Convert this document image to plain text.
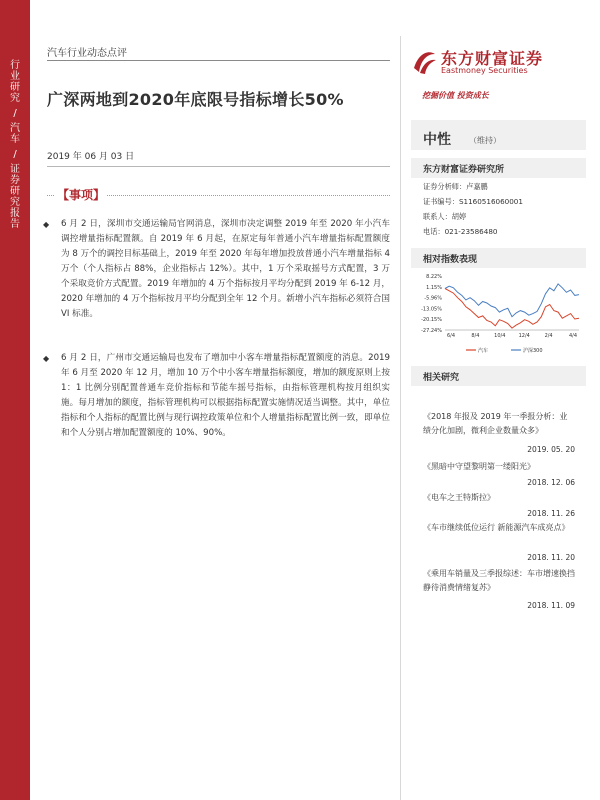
行
业
研
究
/
汽
车
/
证
券
研
究
报
告
汽车行业动态点评
广深两地到2020年底限号指标增长50%
2019 年 06 月 03 日
【事项】
◆ 6 月 2 日，深圳市交通运输局官网消息，深圳市决定调整 2019 年至 2020 年小汽车调控增量指标配置额。自 2019 年 6 月起，在原定每年普通小汽车增量指标配置额度为 8 万个的调控目标基础上，2019 年至 2020 年每年增加投放普通小汽车增量指标 4 万个（个人指标占 88%，企业指标占 12%）。其中，1 万个采取摇号方式配置，3 万个采取竞价方式配置。2019 年增加的 4 万个指标按月平均分配到 2019 年 6-12 月，2020 年增加的 4 万个指标按月平均分配到全年 12 个月。新增小汽车指标必须符合国 VI 标准。
◆ 6 月 2 日，广州市交通运输局也发布了增加中小客车增量指标配置额度的消息。2019 年 6 月至 2020 年 12 月，增加 10 万个中小客车增量指标额度，增加的额度原则上按 1：1 比例分别配置普通车竞价指标和节能车摇号指标，由指标管理机构按月组织实施。每月增加的额度，指标管理机构可以根据指标配置实施情况适当调整。其中，单位指标和个人指标的配置比例与现行调控政策单位和个人增量指标配置比例一致，即单位和个人分别占增加配置额度的 10%、90%。
东方财富证券
Eastmoney Securities
挖掘价值 投资成长
中性 （维持）
东方财富证券研究所
证券分析师：卢嘉鹏
证书编号：S1160516060001
联系人：胡婷
电话：021-23586480
相对指数表现
8.22%
1.15%
-5.96%
-13.05%
-20.15%
-27.24%
6/4	8/4	10/4	12/4	2/4	4/4
汽车	沪深300
相关研究
《2018 年报及 2019 年一季报分析：业绩分化加剧，微利企业数量众多》
2019. 05. 20
《黑暗中守望黎明第一缕阳光》
2018. 12. 06
《电车之王特斯拉》
2018. 11. 26
《车市继续低位运行 新能源汽车成亮点》
2018. 11. 20
《乘用车销量及三季报综述：车市增速换挡 静待消费情绪复苏》
2018. 11. 09
